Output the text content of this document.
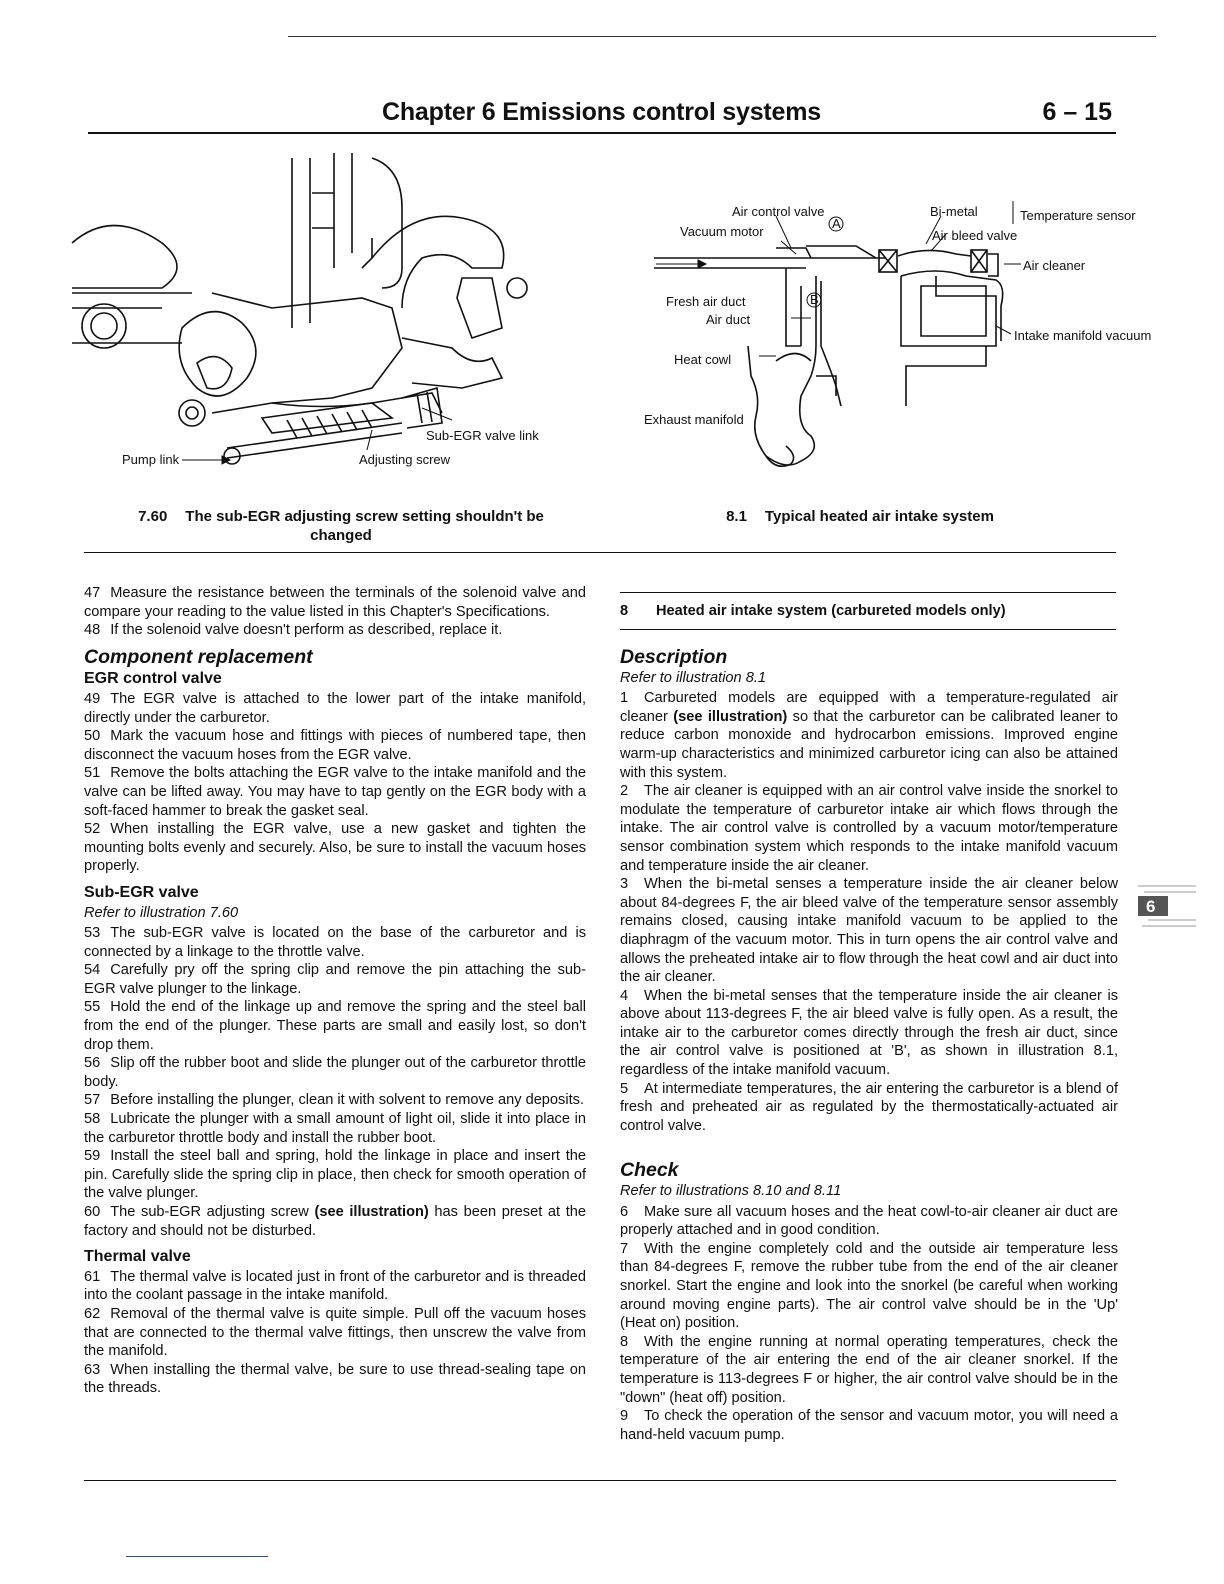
Chapter 6 Emissions control systems	6 – 15
Pump link
Sub-EGR valve link
Adjusting screw
7.60 The sub-EGR adjusting screw setting shouldn't be changed
A
B
Air control valve
Vacuum motor
Bi-metal
Air bleed valve
Temperature sensor
Air cleaner
Fresh air duct
Air duct
Heat cowl
Intake manifold vacuum
Exhaust manifold
8.1 Typical heated air intake system

47 Measure the resistance between the terminals of the solenoid valve and compare your reading to the value listed in this Chapter's Specifications.

48 If the solenoid valve doesn't perform as described, replace it.

Component replacement
EGR control valve

49 The EGR valve is attached to the lower part of the intake manifold, directly under the carburetor.

50 Mark the vacuum hose and fittings with pieces of numbered tape, then disconnect the vacuum hoses from the EGR valve.

51 Remove the bolts attaching the EGR valve to the intake manifold and the valve can be lifted away. You may have to tap gently on the EGR body with a soft-faced hammer to break the gasket seal.

52 When installing the EGR valve, use a new gasket and tighten the mounting bolts evenly and securely. Also, be sure to install the vacuum hoses properly.

Sub-EGR valve
Refer to illustration 7.60

53 The sub-EGR valve is located on the base of the carburetor and is connected by a linkage to the throttle valve.

54 Carefully pry off the spring clip and remove the pin attaching the sub-EGR valve plunger to the linkage.

55 Hold the end of the linkage up and remove the spring and the steel ball from the end of the plunger. These parts are small and easily lost, so don't drop them.

56 Slip off the rubber boot and slide the plunger out of the carburetor throttle body.

57 Before installing the plunger, clean it with solvent to remove any deposits.

58 Lubricate the plunger with a small amount of light oil, slide it into place in the carburetor throttle body and install the rubber boot.

59 Install the steel ball and spring, hold the linkage in place and insert the pin. Carefully slide the spring clip in place, then check for smooth operation of the valve plunger.

60 The sub-EGR adjusting screw (see illustration) has been preset at the factory and should not be disturbed.

Thermal valve

61 The thermal valve is located just in front of the carburetor and is threaded into the coolant passage in the intake manifold.

62 Removal of the thermal valve is quite simple. Pull off the vacuum hoses that are connected to the thermal valve fittings, then unscrew the valve from the manifold.

63 When installing the thermal valve, be sure to use thread-sealing tape on the threads.

8 Heated air intake system (carbureted models only)

Description
Refer to illustration 8.1

1 Carbureted models are equipped with a temperature-regulated air cleaner (see illustration) so that the carburetor can be calibrated leaner to reduce carbon monoxide and hydrocarbon emissions. Improved engine warm-up characteristics and minimized carburetor icing can also be attained with this system.

2 The air cleaner is equipped with an air control valve inside the snorkel to modulate the temperature of carburetor intake air which flows through the intake. The air control valve is controlled by a vacuum motor/temperature sensor combination system which responds to the intake manifold vacuum and temperature inside the air cleaner.

3 When the bi-metal senses a temperature inside the air cleaner below about 84-degrees F, the air bleed valve of the temperature sensor assembly remains closed, causing intake manifold vacuum to be applied to the diaphragm of the vacuum motor. This in turn opens the air control valve and allows the preheated intake air to flow through the heat cowl and air duct into the air cleaner.

4 When the bi-metal senses that the temperature inside the air cleaner is above about 113-degrees F, the air bleed valve is fully open. As a result, the intake air to the carburetor comes directly through the fresh air duct, since the air control valve is positioned at 'B', as shown in illustration 8.1, regardless of the intake manifold vacuum.

5 At intermediate temperatures, the air entering the carburetor is a blend of fresh and preheated air as regulated by the thermostatically-actuated air control valve.

Check
Refer to illustrations 8.10 and 8.11

6 Make sure all vacuum hoses and the heat cowl-to-air cleaner air duct are properly attached and in good condition.

7 With the engine completely cold and the outside air temperature less than 84-degrees F, remove the rubber tube from the end of the air cleaner snorkel. Start the engine and look into the snorkel (be careful when working around moving engine parts). The air control valve should be in the 'Up' (Heat on) position.

8 With the engine running at normal operating temperatures, check the temperature of the air entering the end of the air cleaner snorkel. If the temperature is 113-degrees F or higher, the air control valve should be in the "down" (heat off) position.

9 To check the operation of the sensor and vacuum motor, you will need a hand-held vacuum pump.

6
